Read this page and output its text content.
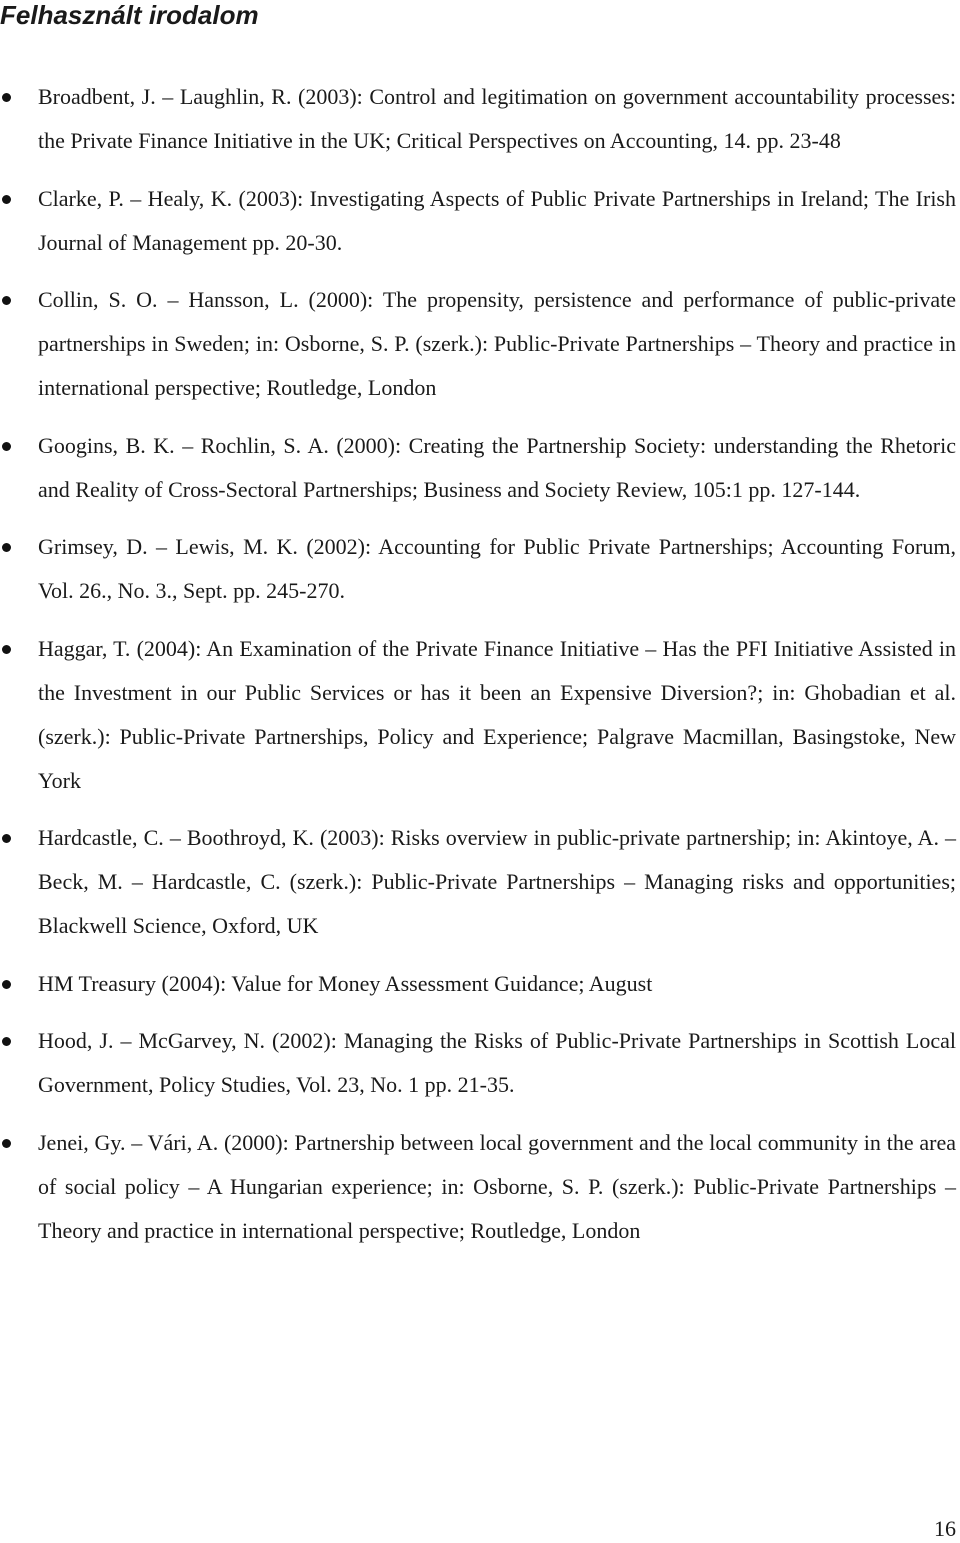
Felhasznált irodalom
Broadbent, J. – Laughlin, R. (2003): Control and legitimation on government accountability processes: the Private Finance Initiative in the UK; Critical Perspectives on Accounting, 14. pp. 23-48
Clarke, P. – Healy, K. (2003): Investigating Aspects of Public Private Partnerships in Ireland; The Irish Journal of Management pp. 20-30.
Collin, S. O. – Hansson, L. (2000): The propensity, persistence and performance of public-private partnerships in Sweden; in: Osborne, S. P. (szerk.): Public-Private Partnerships – Theory and practice in international perspective; Routledge, London
Googins, B. K. – Rochlin, S. A. (2000): Creating the Partnership Society: understanding the Rhetoric and Reality of Cross-Sectoral Partnerships; Business and Society Review, 105:1 pp. 127-144.
Grimsey, D. – Lewis, M. K. (2002): Accounting for Public Private Partnerships; Accounting Forum, Vol. 26., No. 3., Sept. pp. 245-270.
Haggar, T. (2004): An Examination of the Private Finance Initiative – Has the PFI Initiative Assisted in the Investment in our Public Services or has it been an Expensive Diversion?; in: Ghobadian et al. (szerk.): Public-Private Partnerships, Policy and Experience; Palgrave Macmillan, Basingstoke, New York
Hardcastle, C. – Boothroyd, K. (2003): Risks overview in public-private partnership; in: Akintoye, A. – Beck, M. – Hardcastle, C. (szerk.): Public-Private Partnerships – Managing risks and opportunities; Blackwell Science, Oxford, UK
HM Treasury (2004): Value for Money Assessment Guidance; August
Hood, J. – McGarvey, N. (2002): Managing the Risks of Public-Private Partnerships in Scottish Local Government, Policy Studies, Vol. 23, No. 1 pp. 21-35.
Jenei, Gy. – Vári, A. (2000): Partnership between local government and the local community in the area of social policy – A Hungarian experience; in: Osborne, S. P. (szerk.): Public-Private Partnerships – Theory and practice in international perspective; Routledge, London
16
